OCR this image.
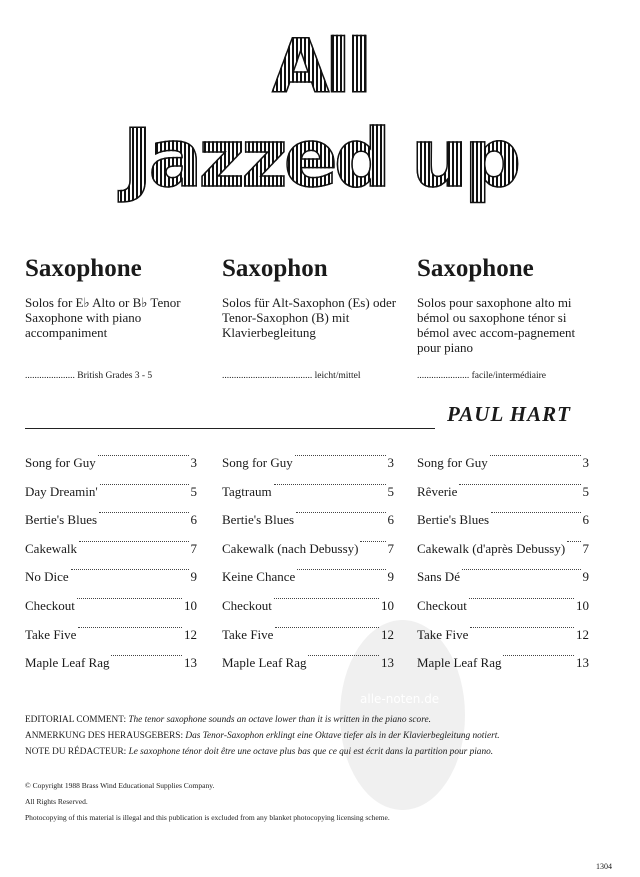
alle-noten.de
All
Jazzed up
Saxophone
Solos for E♭ Alto or B♭ Tenor Saxophone with piano accompaniment
..................... British Grades 3 - 5
Song for Guy	3
Day Dreamin'	5
Bertie's Blues	6
Cakewalk	7
No Dice	9
Checkout	10
Take Five	12
Maple Leaf Rag	13
Saxophon
Solos für Alt-Saxophon (Es) oder Tenor-Saxophon (B) mit Klavierbegleitung
...................................... leicht/mittel
Song for Guy	3
Tagtraum	5
Bertie's Blues	6
Cakewalk (nach Debussy) 7
Keine Chance	9
Checkout	10
Take Five	12
Maple Leaf Rag	13
Saxophone
Solos pour saxophone alto mi bémol ou saxophone ténor si bémol avec accom-pagnement pour piano
...................... facile/intermédiaire
Song for Guy	3
Rêverie	5
Bertie's Blues	6
Cakewalk (d'après Debussy) 7
Sans Dé	9
Checkout	10
Take Five	12
Maple Leaf Rag	13
PAUL HART
EDITORIAL COMMENT: The tenor saxophone sounds an octave lower than it is written in the piano score.
ANMERKUNG DES HERAUSGEBERS: Das Tenor-Saxophon erklingt eine Oktave tiefer als in der Klavierbegleitung notiert.
NOTE DU RÉDACTEUR: Le saxophone ténor doit être une octave plus bas que ce qui est écrit dans la partition pour piano.
© Copyright 1988 Brass Wind Educational Supplies Company.
All Rights Reserved.
Photocopying of this material is illegal and this publication is excluded from any blanket photocopying licensing scheme.
1304
